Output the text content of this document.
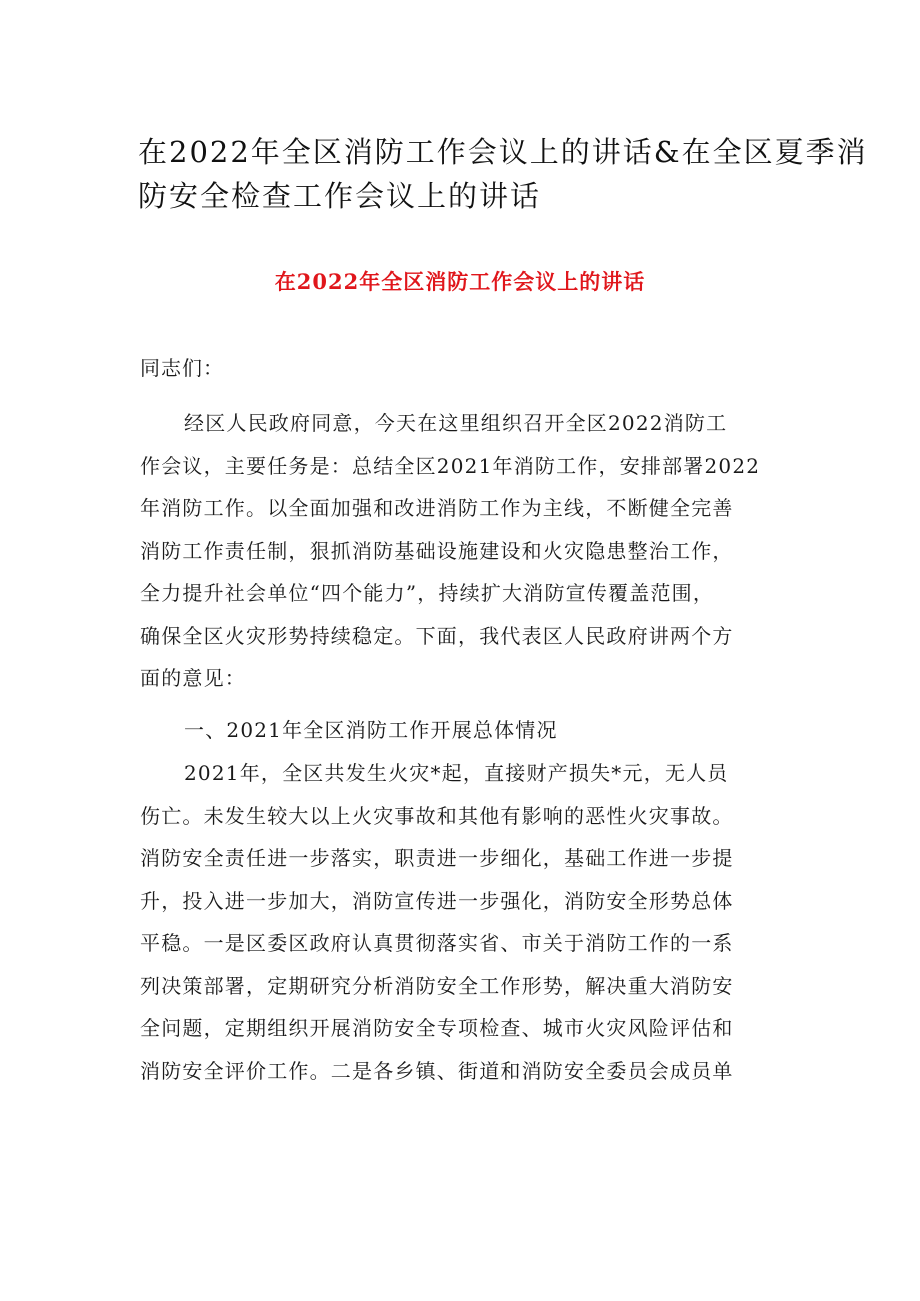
在2022年全区消防工作会议上的讲话&在全区夏季消
防安全检查工作会议上的讲话
在2022年全区消防工作会议上的讲话

同志们：

经区人民政府同意，今天在这里组织召开全区2022消防工
作会议，主要任务是：总结全区2021年消防工作，安排部署2022
年消防工作。以全面加强和改进消防工作为主线，不断健全完善
消防工作责任制，狠抓消防基础设施建设和火灾隐患整治工作，
全力提升社会单位“四个能力”，持续扩大消防宣传覆盖范围，
确保全区火灾形势持续稳定。下面，我代表区人民政府讲两个方
面的意见：

一、2021年全区消防工作开展总体情况

2021年，全区共发生火灾*起，直接财产损失*元，无人员
伤亡。未发生较大以上火灾事故和其他有影响的恶性火灾事故。
消防安全责任进一步落实，职责进一步细化，基础工作进一步提
升，投入进一步加大，消防宣传进一步强化，消防安全形势总体
平稳。一是区委区政府认真贯彻落实省、市关于消防工作的一系
列决策部署，定期研究分析消防安全工作形势，解决重大消防安
全问题，定期组织开展消防安全专项检查、城市火灾风险评估和
消防安全评价工作。二是各乡镇、街道和消防安全委员会成员单
